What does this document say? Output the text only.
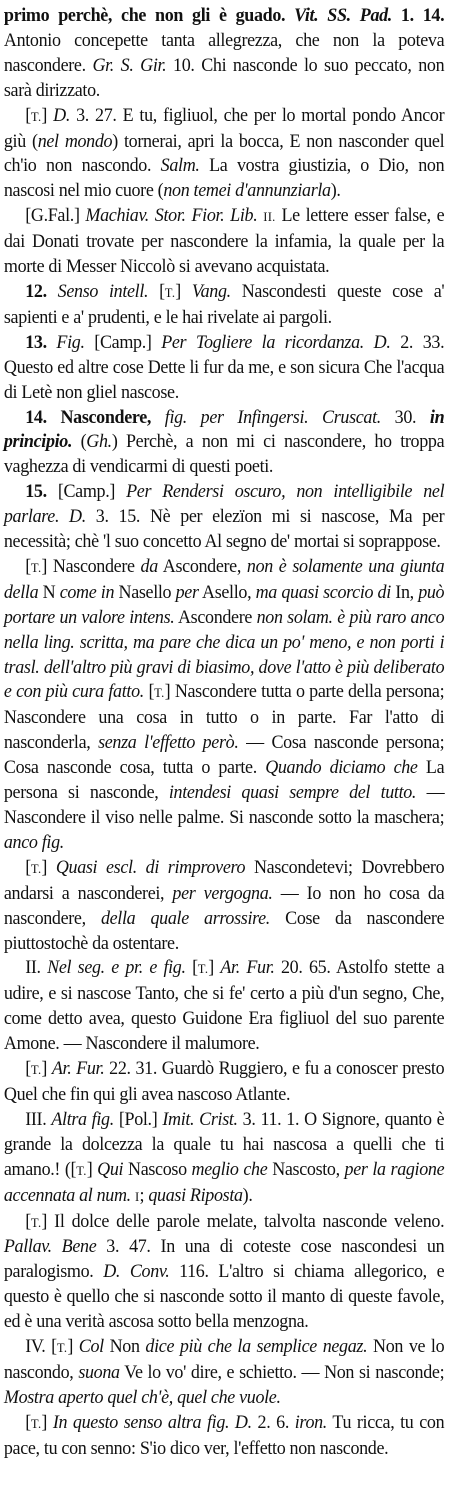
primo perchè, che non gli è guado. Vit. SS. Pad. 1. 14. Antonio concepette tanta allegrezza, che non la poteva nascondere. Gr. S. Gir. 10. Chi nasconde lo suo peccato, non sarà dirizzato.

[T.] D. 3. 27. E tu, figliuol, che per lo mortal pondo Ancor giù (nel mondo) tornerai, apri la bocca, E non nasconder quel ch'io non nascondo. Salm. La vostra giustizia, o Dio, non nascosi nel mio cuore (non temei d'annunziarla).

[G.Fal.] Machiav. Stor. Fior. Lib. II. Le lettere esser false, e dai Donati trovate per nascondere la infamia, la quale per la morte di Messer Niccolò si avevano acquistata.

12. Senso intell. [T.] Vang. Nascondesti queste cose a' sapienti e a' prudenti, e le hai rivelate ai pargoli.

13. Fig. [Camp.] Per Togliere la ricordanza. D. 2. 33. Questo ed altre cose Dette li fur da me, e son sicura Che l'acqua di Letè non gliel nascose.

14. Nascondere, fig. per Infingersi. Cruscat. 30. in principio. (Gh.) Perchè, a non mi ci nascondere, ho troppa vaghezza di vendicarmi di questi poeti.

15. [Camp.] Per Rendersi oscuro, non intelligibile nel parlare. D. 3. 15. Nè per elezïon mi si nascose, Ma per necessità; chè 'l suo concetto Al segno de' mortai si soprappose.

[T.] Nascondere da Ascondere, non è solamente una giunta della N come in Nasello per Asello, ma quasi scorcio di In, può portare un valore intens. Ascondere non solam. è più raro anco nella ling. scritta, ma pare che dica un po' meno, e non porti i trasl. dell'altro più gravi di biasimo, dove l'atto è più deliberato e con più cura fatto. [T.] Nascondere tutta o parte della persona; Nascondere una cosa in tutto o in parte. Far l'atto di nasconderla, senza l'effetto però. — Cosa nasconde persona; Cosa nasconde cosa, tutta o parte. Quando diciamo che La persona si nasconde, intendesi quasi sempre del tutto. — Nascondere il viso nelle palme. Si nasconde sotto la maschera; anco fig.

[T.] Quasi escl. di rimprovero Nascondetevi; Dovrebbero andarsi a nasconderei, per vergogna. — Io non ho cosa da nascondere, della quale arrossire. Cose da nascondere piuttostochè da ostentare.

II. Nel seg. e pr. e fig. [T.] Ar. Fur. 20. 65. Astolfo stette a udire, e si nascose Tanto, che si fe' certo a più d'un segno, Che, come detto avea, questo Guidone Era figliuol del suo parente Amone. — Nascondere il malumore.

[T.] Ar. Fur. 22. 31. Guardò Ruggiero, e fu a conoscer presto Quel che fin qui gli avea nascoso Atlante.

III. Altra fig. [Pol.] Imit. Crist. 3. 11. 1. O Signore, quanto è grande la dolcezza la quale tu hai nascosa a quelli che ti amano.! ([T.] Qui Nascoso meglio che Nascosto, per la ragione accennata al num. I; quasi Riposta).

[T.] Il dolce delle parole melate, talvolta nasconde veleno. Pallav. Bene 3. 47. In una di coteste cose nascondesi un paralogismo. D. Conv. 116. L'altro si chiama allegorico, e questo è quello che si nasconde sotto il manto di queste favole, ed è una verità ascosa sotto bella menzogna.

IV. [T.] Col Non dice più che la semplice negaz. Non ve lo nascondo, suona Ve lo vo' dire, e schietto. — Non si nasconde; Mostra aperto quel ch'è, quel che vuole.

[T.] In questo senso altra fig. D. 2. 6. iron. Tu ricca, tu con pace, tu con senno: S'io dico ver, l'effetto non nasconde.
